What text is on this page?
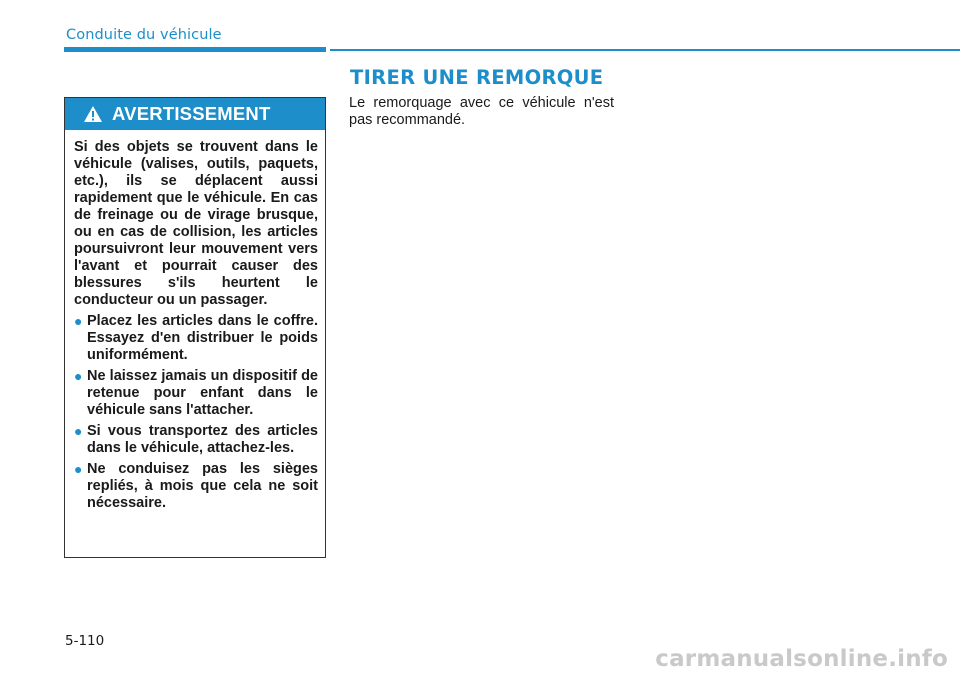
Conduite du véhicule
AVERTISSEMENT

Si des objets se trouvent dans le véhicule (valises, outils, paquets, etc.), ils se déplacent aussi rapidement que le véhicule. En cas de freinage ou de virage brusque, ou en cas de collision, les articles poursuivront leur mouvement vers l'avant et pourrait causer des blessures s'ils heurtent le conducteur ou un passager.

● Placez les articles dans le coffre. Essayez d'en distribuer le poids uniformément.
● Ne laissez jamais un dispositif de retenue pour enfant dans le véhicule sans l'attacher.
● Si vous transportez des articles dans le véhicule, attachez-les.
● Ne conduisez pas les sièges repliés, à mois que cela ne soit nécessaire.
TIRER UNE REMORQUE
Le remorquage avec ce véhicule n'est pas recommandé.
5-110
carmanualsonline.info
